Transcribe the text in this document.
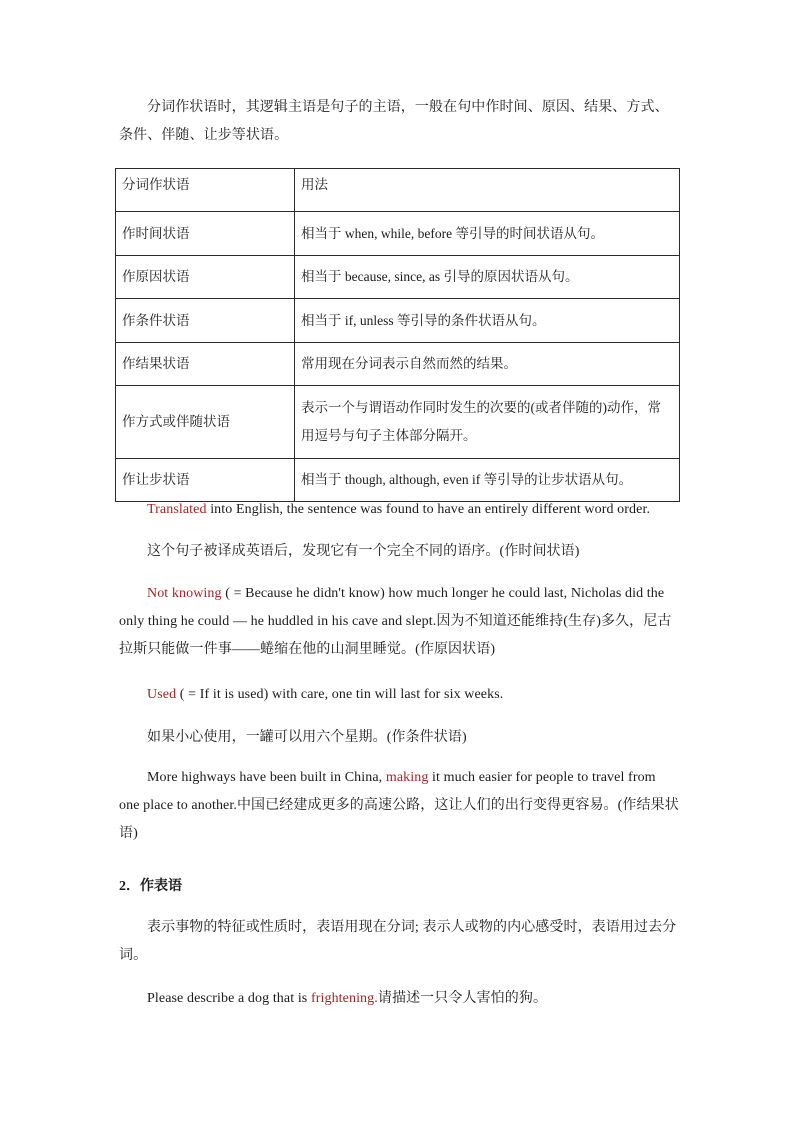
分词作状语时，其逻辑主语是句子的主语，一般在句中作时间、原因、结果、方式、条件、伴随、让步等状语。

分词作状语	用法
作时间状语	相当于 when, while, before 等引导的时间状语从句。
作原因状语	相当于 because, since, as 引导的原因状语从句。
作条件状语	相当于 if, unless 等引导的条件状语从句。
作结果状语	常用现在分词表示自然而然的结果。
作方式或伴随状语	表示一个与谓语动作同时发生的次要的(或者伴随的)动作，常用逗号与句子主体部分隔开。
作让步状语	相当于 though, although, even if 等引导的让步状语从句。

Translated into English, the sentence was found to have an entirely different word order.

这个句子被译成英语后，发现它有一个完全不同的语序。(作时间状语)

Not knowing ( = Because he didn't know) how much longer he could last, Nicholas did the only thing he could — he huddled in his cave and slept.因为不知道还能维持(生存)多久，尼古拉斯只能做一件事——蜷缩在他的山洞里睡觉。(作原因状语)

Used ( = If it is used) with care, one tin will last for six weeks.

如果小心使用，一罐可以用六个星期。(作条件状语)

More highways have been built in China, making it much easier for people to travel from one place to another.中国已经建成更多的高速公路，这让人们的出行变得更容易。(作结果状语)

2．作表语

表示事物的特征或性质时，表语用现在分词; 表示人或物的内心感受时，表语用过去分词。

Please describe a dog that is frightening.请描述一只令人害怕的狗。
